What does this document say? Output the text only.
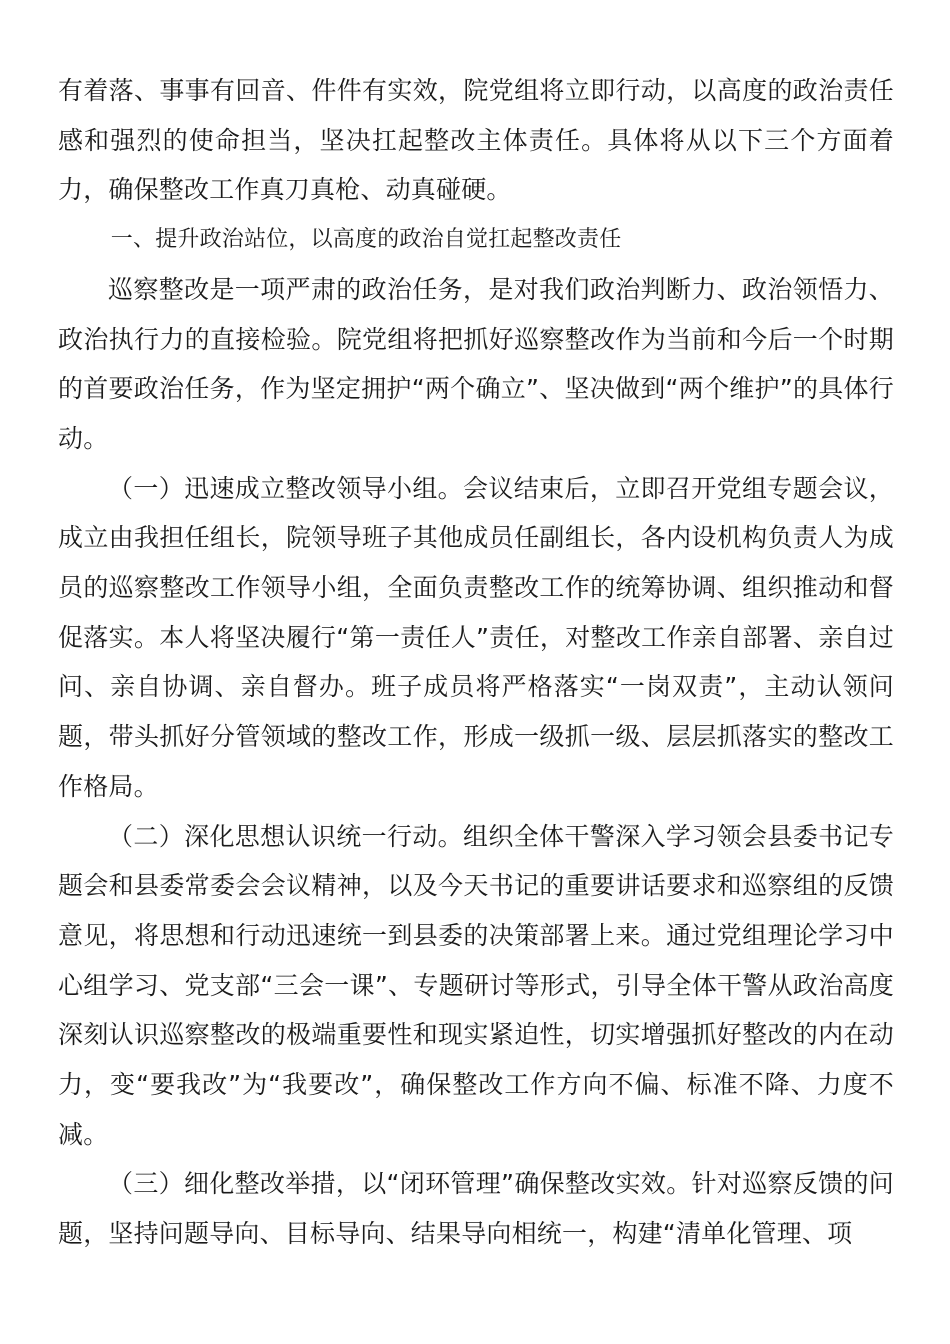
有着落、事事有回音、件件有实效，院党组将立即行动，以高度的政治责任感和强烈的使命担当，坚决扛起整改主体责任。具体将从以下三个方面着力，确保整改工作真刀真枪、动真碰硬。

一、提升政治站位，以高度的政治自觉扛起整改责任

巡察整改是一项严肃的政治任务，是对我们政治判断力、政治领悟力、政治执行力的直接检验。院党组将把抓好巡察整改作为当前和今后一个时期的首要政治任务，作为坚定拥护“两个确立”、坚决做到“两个维护”的具体行动。

（一）迅速成立整改领导小组。会议结束后，立即召开党组专题会议，成立由我担任组长，院领导班子其他成员任副组长，各内设机构负责人为成员的巡察整改工作领导小组，全面负责整改工作的统筹协调、组织推动和督促落实。本人将坚决履行“第一责任人”责任，对整改工作亲自部署、亲自过问、亲自协调、亲自督办。班子成员将严格落实“一岗双责”，主动认领问题，带头抓好分管领域的整改工作，形成一级抓一级、层层抓落实的整改工作格局。

（二）深化思想认识统一行动。组织全体干警深入学习领会县委书记专题会和县委常委会会议精神，以及今天书记的重要讲话要求和巡察组的反馈意见，将思想和行动迅速统一到县委的决策部署上来。通过党组理论学习中心组学习、党支部“三会一课”、专题研讨等形式，引导全体干警从政治高度深刻认识巡察整改的极端重要性和现实紧迫性，切实增强抓好整改的内在动力，变“要我改”为“我要改”，确保整改工作方向不偏、标准不降、力度不减。

（三）细化整改举措，以“闭环管理”确保整改实效。针对巡察反馈的问题，坚持问题导向、目标导向、结果导向相统一，构建“清单化管理、项
